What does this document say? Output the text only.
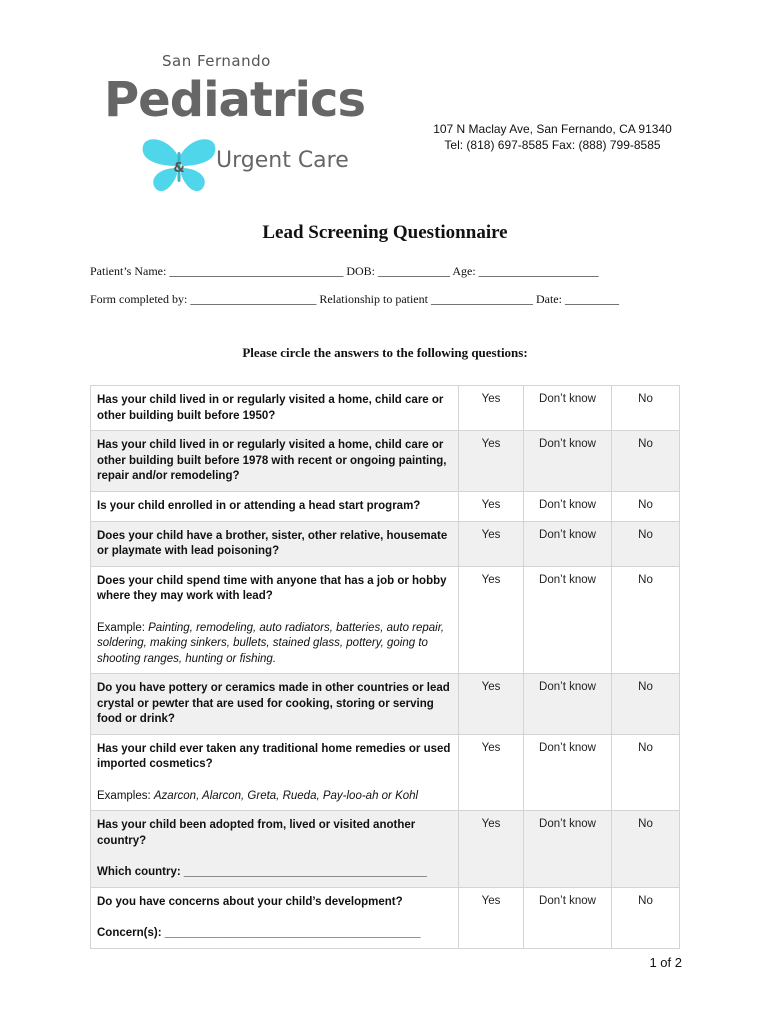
San Fernando
Pediatrics
& Urgent Care
107 N Maclay Ave, San Fernando, CA 91340
Tel: (818) 697-8585 Fax: (888) 799-8585
Lead Screening Questionnaire
Patient’s Name: _____________________________ DOB: ____________ Age: ____________________
Form completed by: _____________________ Relationship to patient _________________ Date: _________
Please circle the answers to the following questions:
Has your child lived in or regularly visited a home, child care or other building built before 1950?	Yes	Don’t know	No
Has your child lived in or regularly visited a home, child care or other building built before 1978 with recent or ongoing painting, repair and/or remodeling?	Yes	Don’t know	No
Is your child enrolled in or attending a head start program?	Yes	Don’t know	No
Does your child have a brother, sister, other relative, housemate or playmate with lead poisoning?	Yes	Don’t know	No

Does your child spend time with anyone that has a job or hobby where they may work with lead?
Example: Painting, remodeling, auto radiators, batteries, auto repair, soldering, making sinkers, bullets, stained glass, pottery, going to shooting ranges, hunting or fishing.	Yes	Don’t know	No
Do you have pottery or ceramics made in other countries or lead crystal or pewter that are used for cooking, storing or serving food or drink?	Yes	Don’t know	No

Has your child ever taken any traditional home remedies or used imported cosmetics?
Examples: Azarcon, Alarcon, Greta, Rueda, Pay-loo-ah or Kohl	Yes	Don’t know	No

Has your child been adopted from, lived or visited another country?
Which country: ______________________________________	Yes	Don’t know	No

Do you have concerns about your child’s development?
Concern(s): ________________________________________	Yes	Don’t know	No
1 of 2
